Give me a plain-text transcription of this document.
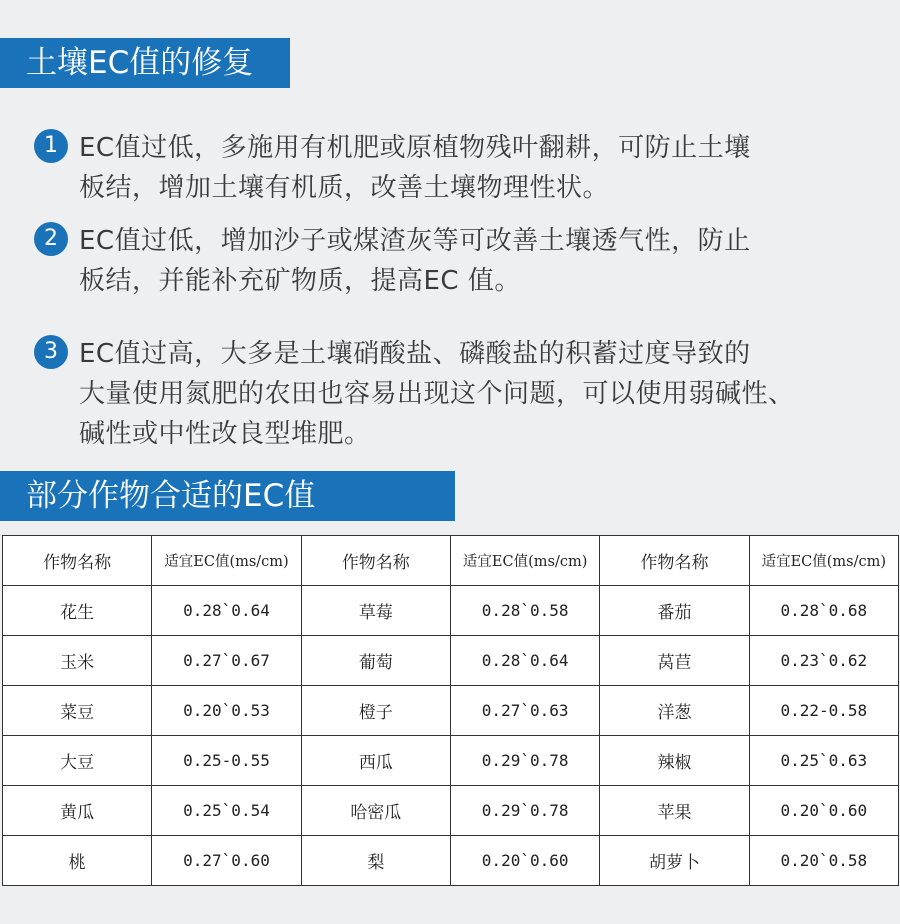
土壤EC值的修复
1 EC值过低，多施用有机肥或原植物残叶翻耕，可防止土壤
板结，增加土壤有机质，改善土壤物理性状。
2 EC值过低，增加沙子或煤渣灰等可改善土壤透气性，防止
板结，并能补充矿物质，提高EC 值。
3 EC值过高，大多是土壤硝酸盐、磷酸盐的积蓄过度导致的
大量使用氮肥的农田也容易出现这个问题，可以使用弱碱性、
碱性或中性改良型堆肥。
部分作物合适的EC值
作物名称	适宜EC值(ms/cm)	作物名称	适宜EC值(ms/cm)	作物名称	适宜EC值(ms/cm)
花生	0.28`0.64	草莓	0.28`0.58	番茄	0.28`0.68
玉米	0.27`0.67	葡萄	0.28`0.64	莴苣	0.23`0.62
菜豆	0.20`0.53	橙子	0.27`0.63	洋葱	0.22-0.58
大豆	0.25-0.55	西瓜	0.29`0.78	辣椒	0.25`0.63
黄瓜	0.25`0.54	哈密瓜	0.29`0.78	苹果	0.20`0.60
桃	0.27`0.60	梨	0.20`0.60	胡萝卜	0.20`0.58
